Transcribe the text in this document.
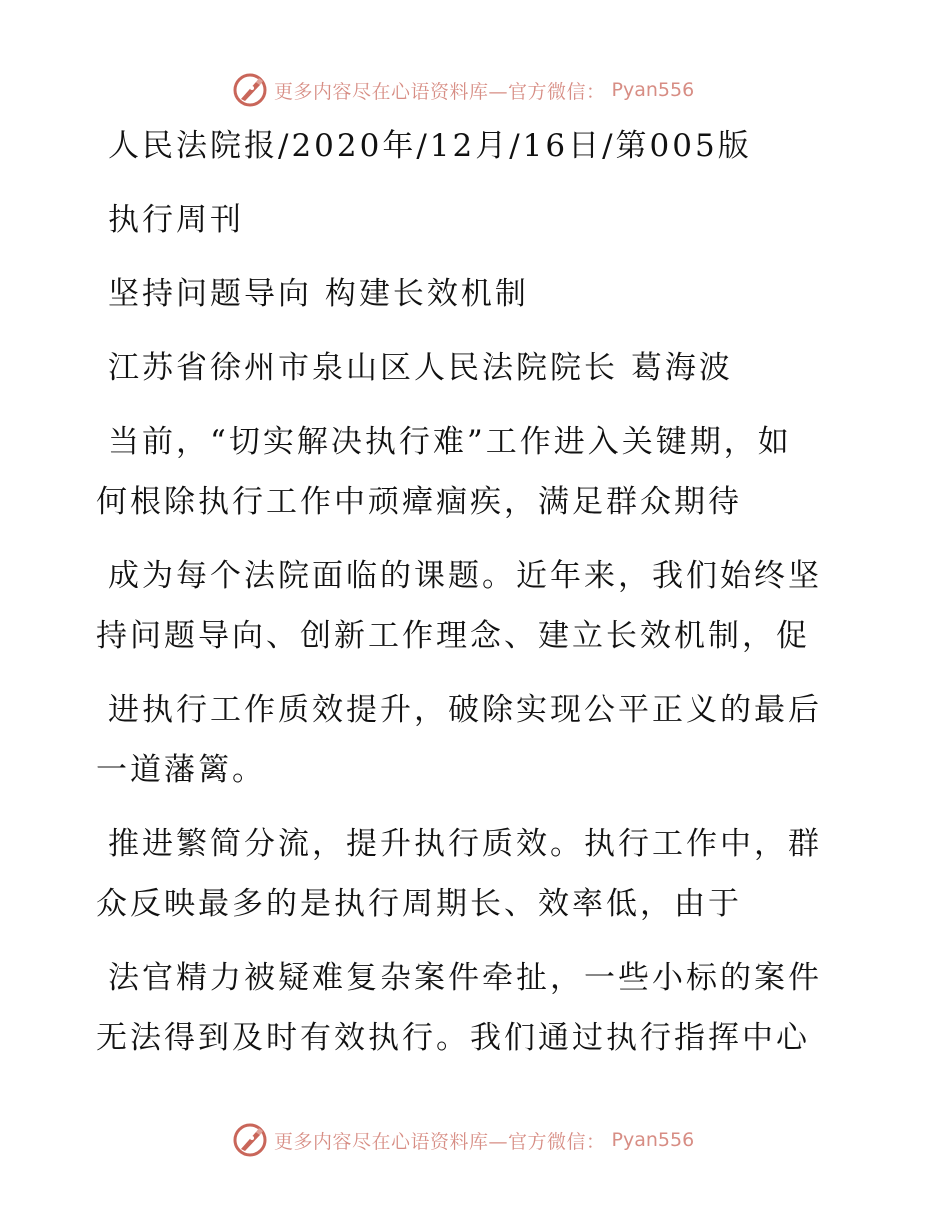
更多内容尽在心语资料库—官方微信： Pyan556
人民法院报/2020年/12月/16日/第005版
执行周刊
坚持问题导向 构建长效机制
江苏省徐州市泉山区人民法院院长 葛海波
当前，“切实解决执行难”工作进入关键期，如
何根除执行工作中顽瘴痼疾，满足群众期待
成为每个法院面临的课题。近年来，我们始终坚
持问题导向、创新工作理念、建立长效机制，促
进执行工作质效提升，破除实现公平正义的最后
一道藩篱。
推进繁简分流，提升执行质效。执行工作中，群
众反映最多的是执行周期长、效率低，由于
法官精力被疑难复杂案件牵扯，一些小标的案件
无法得到及时有效执行。我们通过执行指挥中心
更多内容尽在心语资料库—官方微信： Pyan556
